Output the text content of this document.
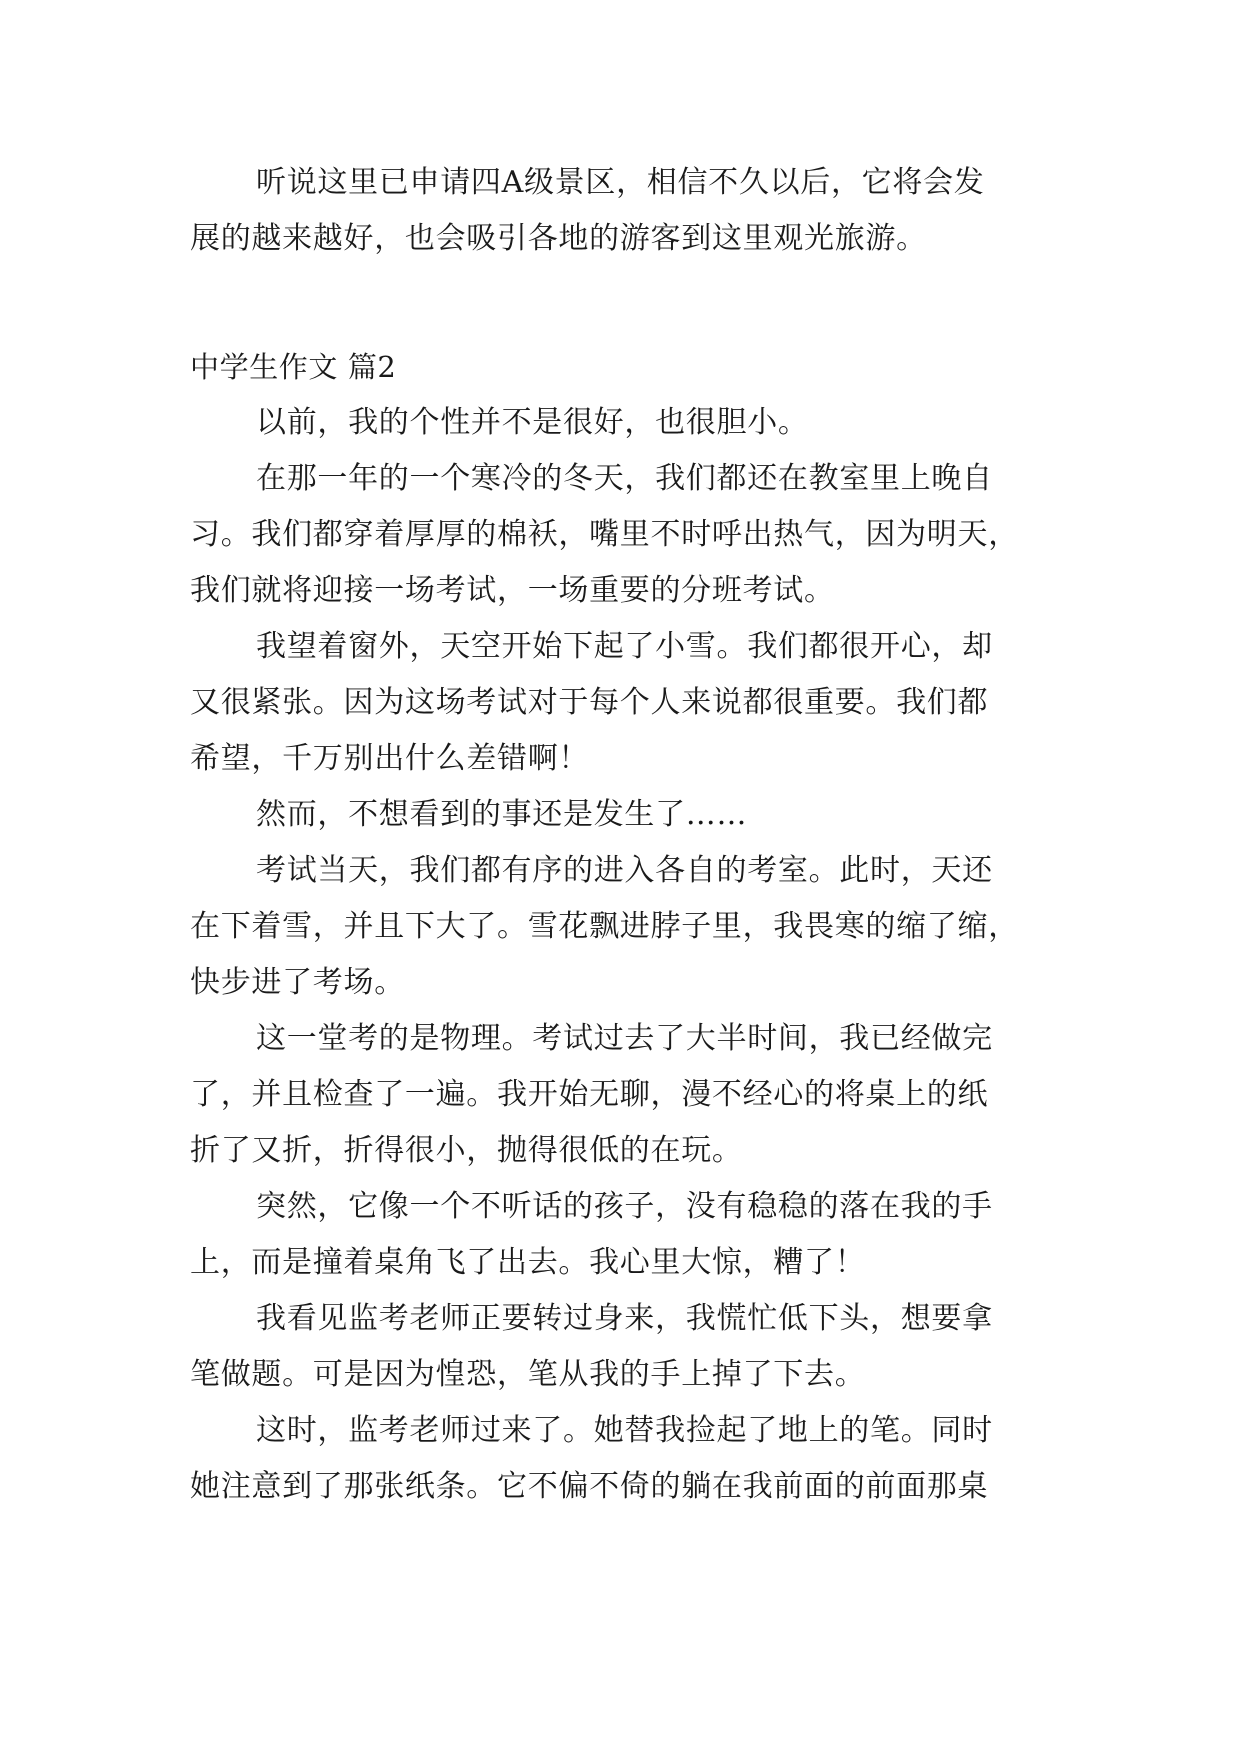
听说这里已申请四A级景区，相信不久以后，它将会发
展的越来越好，也会吸引各地的游客到这里观光旅游。
中学生作文 篇2
以前，我的个性并不是很好，也很胆小。
在那一年的一个寒冷的冬天，我们都还在教室里上晚自
习。我们都穿着厚厚的棉袄，嘴里不时呼出热气，因为明天，
我们就将迎接一场考试，一场重要的分班考试。
我望着窗外，天空开始下起了小雪。我们都很开心，却
又很紧张。因为这场考试对于每个人来说都很重要。我们都
希望，千万别出什么差错啊！
然而，不想看到的事还是发生了……
考试当天，我们都有序的进入各自的考室。此时，天还
在下着雪，并且下大了。雪花飘进脖子里，我畏寒的缩了缩，
快步进了考场。
这一堂考的是物理。考试过去了大半时间，我已经做完
了，并且检查了一遍。我开始无聊，漫不经心的将桌上的纸
折了又折，折得很小，抛得很低的在玩。
突然，它像一个不听话的孩子，没有稳稳的落在我的手
上，而是撞着桌角飞了出去。我心里大惊，糟了！
我看见监考老师正要转过身来，我慌忙低下头，想要拿
笔做题。可是因为惶恐，笔从我的手上掉了下去。
这时，监考老师过来了。她替我捡起了地上的笔。同时
她注意到了那张纸条。它不偏不倚的躺在我前面的前面那桌
